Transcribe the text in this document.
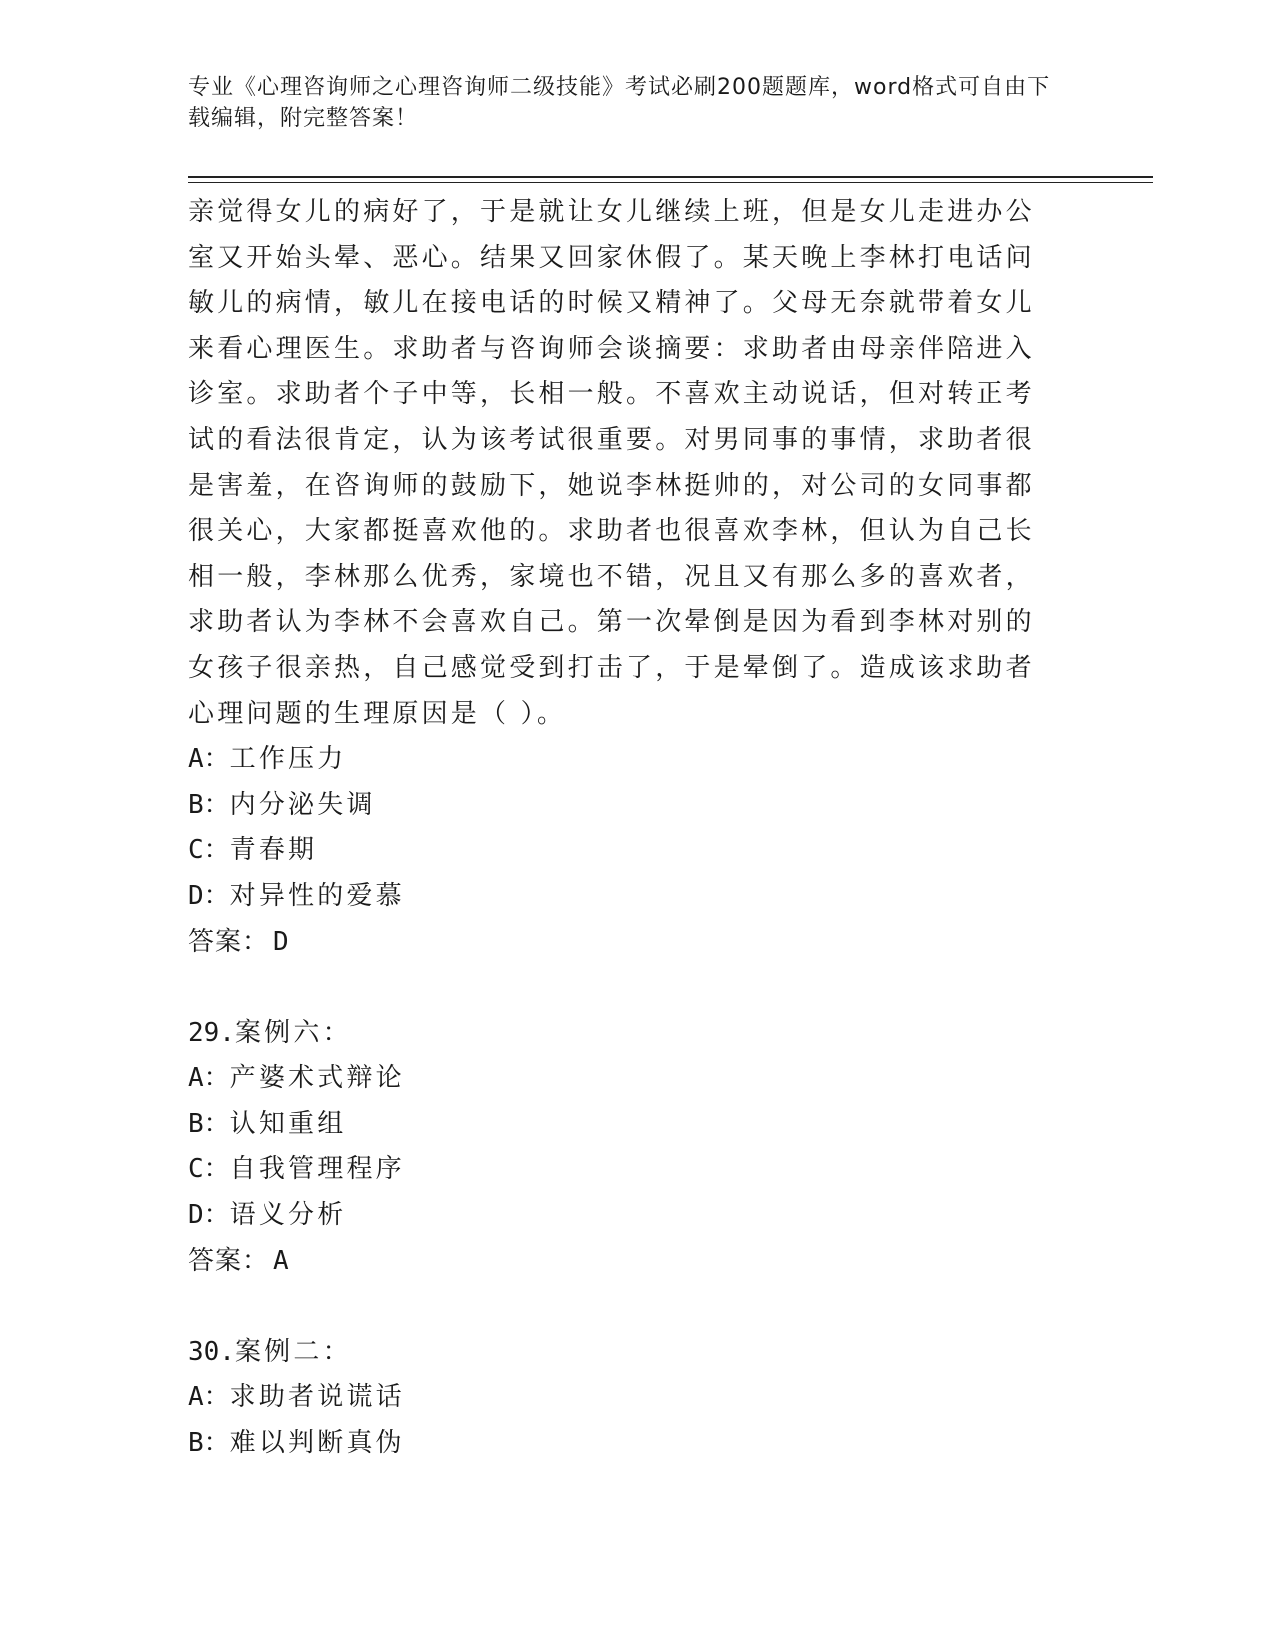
专业《心理咨询师之心理咨询师二级技能》考试必刷200题题库，word格式可自由下载编辑，附完整答案！

亲觉得女儿的病好了，于是就让女儿继续上班，但是女儿走进办公室又开始头晕、恶心。结果又回家休假了。某天晚上李林打电话问敏儿的病情，敏儿在接电话的时候又精神了。父母无奈就带着女儿来看心理医生。求助者与咨询师会谈摘要：求助者由母亲伴陪进入诊室。求助者个子中等，长相一般。不喜欢主动说话，但对转正考试的看法很肯定，认为该考试很重要。对男同事的事情，求助者很是害羞，在咨询师的鼓励下，她说李林挺帅的，对公司的女同事都很关心，大家都挺喜欢他的。求助者也很喜欢李林，但认为自己长相一般，李林那么优秀，家境也不错，况且又有那么多的喜欢者，求助者认为李林不会喜欢自己。第一次晕倒是因为看到李林对别的女孩子很亲热，自己感觉受到打击了，于是晕倒了。造成该求助者心理问题的生理原因是（ ）。

A：工作压力
B：内分泌失调
C：青春期
D：对异性的爱慕
答案： D
29.案例六：
A：产婆术式辩论
B：认知重组
C：自我管理程序
D：语义分析
答案： A
30.案例二：
A：求助者说谎话
B：难以判断真伪
